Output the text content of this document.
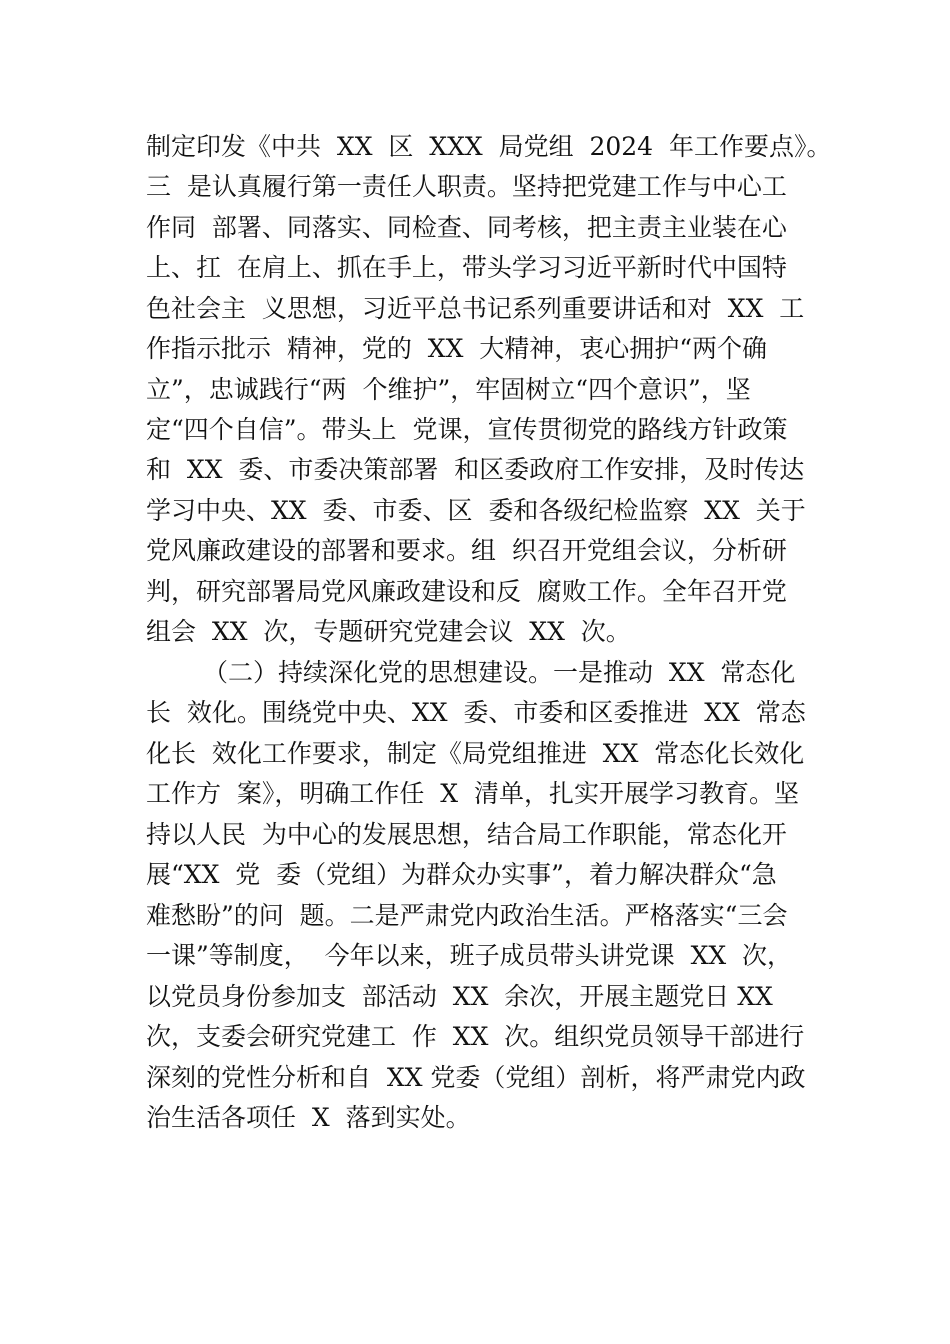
制定印发《中共  XX  区  XXX  局党组  2024  年工作要点》。

三  是认真履行第一责任人职责。坚持把党建工作与中心工

作同  部署、同落实、同检查、同考核，把主责主业装在心

上、扛  在肩上、抓在手上，带头学习习近平新时代中国特

色社会主  义思想，习近平总书记系列重要讲话和对  XX  工

作指示批示  精神，党的  XX  大精神，衷心拥护“两个确

立”，忠诚践行“两  个维护”，牢固树立“四个意识”，坚

定“四个自信”。带头上  党课，宣传贯彻党的路线方针政策

和  XX  委、市委决策部署  和区委政府工作安排，及时传达

学习中央、XX  委、市委、区  委和各级纪检监察  XX  关于

党风廉政建设的部署和要求。组  织召开党组会议，分析研

判，研究部署局党风廉政建设和反  腐败工作。全年召开党

组会  XX  次，专题研究党建会议  XX  次。

（二）持续深化党的思想建设。一是推动  XX  常态化

长  效化。围绕党中央、XX  委、市委和区委推进  XX  常态

化长  效化工作要求，制定《局党组推进  XX  常态化长效化

工作方  案》，明确工作任  X  清单，扎实开展学习教育。坚

持以人民  为中心的发展思想，结合局工作职能，常态化开

展“XX  党  委（党组）为群众办实事”，着力解决群众“急

难愁盼”的问  题。二是严肃党内政治生活。严格落实“三会

一课”等制度，  今年以来，班子成员带头讲党课  XX  次，

以党员身份参加支  部活动  XX  余次，开展主题党日 XX

次，支委会研究党建工  作  XX  次。组织党员领导干部进行

深刻的党性分析和自  XX 党委（党组）剖析，将严肃党内政

治生活各项任  X  落到实处。
